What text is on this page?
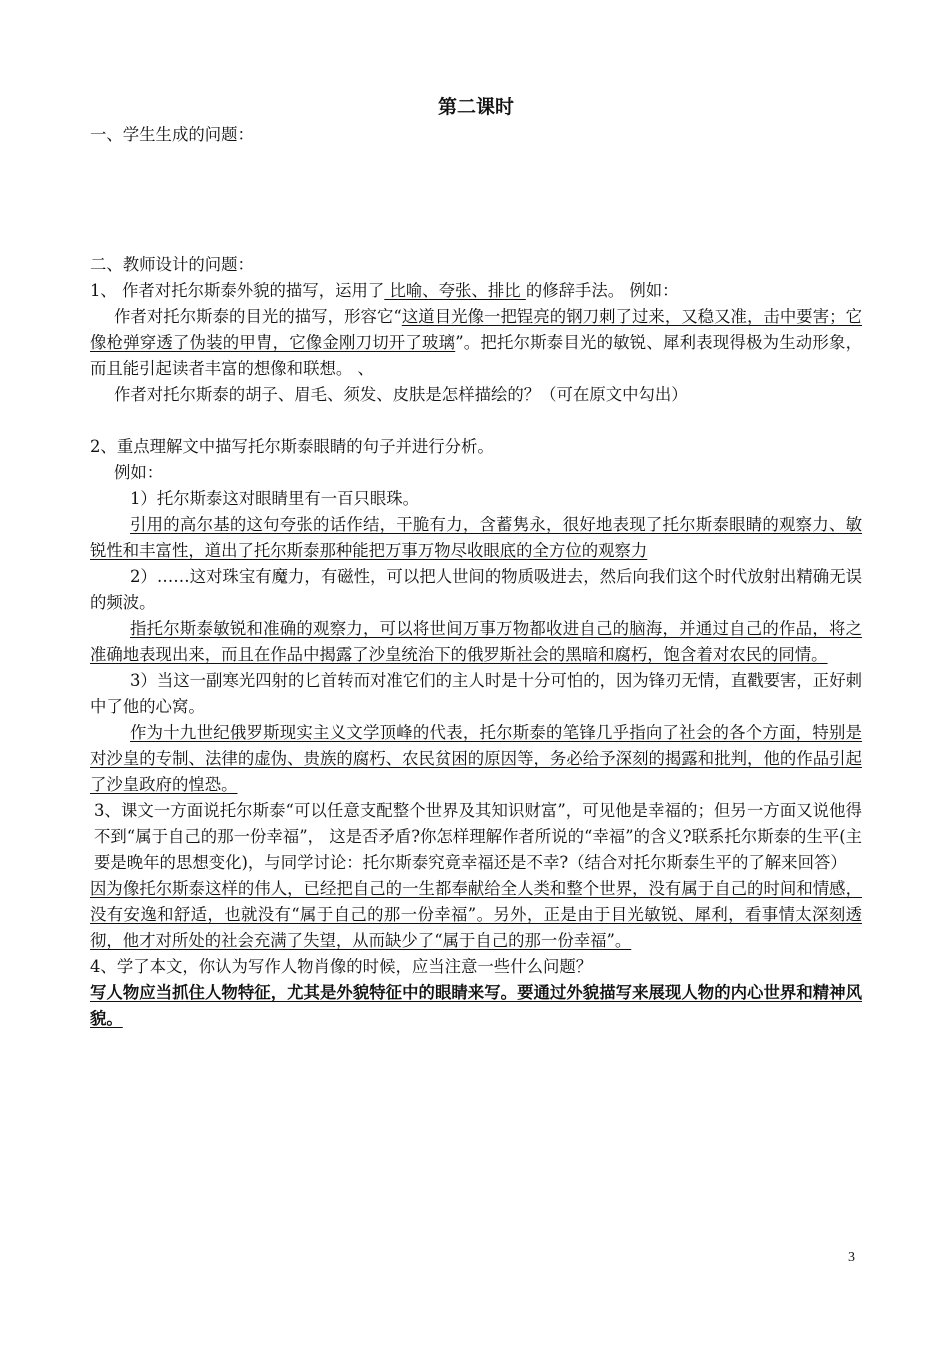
第二课时

一、学生生成的问题：

二、教师设计的问题：

1、 作者对托尔斯泰外貌的描写，运用了 比喻、夸张、排比 的修辞手法。 例如：

作者对托尔斯泰的目光的描写，形容它“这道目光像一把锃亮的钢刀刺了过来，又稳又准，击中要害；它像枪弹穿透了伪装的甲胄，它像金刚刀切开了玻璃”。把托尔斯泰目光的敏锐、犀利表现得极为生动形象，而且能引起读者丰富的想像和联想。 、

作者对托尔斯泰的胡子、眉毛、须发、皮肤是怎样描绘的？（可在原文中勾出）

2、重点理解文中描写托尔斯泰眼睛的句子并进行分析。

例如：

1）托尔斯泰这对眼睛里有一百只眼珠。

引用的高尔基的这句夸张的话作结，干脆有力，含蓄隽永，很好地表现了托尔斯泰眼睛的观察力、敏锐性和丰富性，道出了托尔斯泰那种能把万事万物尽收眼底的全方位的观察力

2）……这对珠宝有魔力，有磁性，可以把人世间的物质吸进去，然后向我们这个时代放射出精确无误的频波。

指托尔斯泰敏锐和准确的观察力，可以将世间万事万物都收进自己的脑海，并通过自己的作品，将之准确地表现出来，而且在作品中揭露了沙皇统治下的俄罗斯社会的黑暗和腐朽，饱含着对农民的同情。

3）当这一副寒光四射的匕首转而对准它们的主人时是十分可怕的，因为锋刃无情，直戳要害，正好刺中了他的心窝。

作为十九世纪俄罗斯现实主义文学顶峰的代表，托尔斯泰的笔锋几乎指向了社会的各个方面，特别是对沙皇的专制、法律的虚伪、贵族的腐朽、农民贫困的原因等，务必给予深刻的揭露和批判，他的作品引起了沙皇政府的惶恐。

3、课文一方面说托尔斯泰“可以任意支配整个世界及其知识财富”，可见他是幸福的；但另一方面又说他得不到“属于自己的那一份幸福”， 这是否矛盾?你怎样理解作者所说的“幸福”的含义?联系托尔斯泰的生平(主要是晚年的思想变化)，与同学讨论：托尔斯泰究竟幸福还是不幸?（结合对托尔斯泰生平的了解来回答）

因为像托尔斯泰这样的伟人，已经把自己的一生都奉献给全人类和整个世界，没有属于自己的时间和情感，没有安逸和舒适，也就没有“属于自己的那一份幸福”。另外，正是由于目光敏锐、犀利，看事情太深刻透彻，他才对所处的社会充满了失望，从而缺少了“属于自己的那一份幸福”。

4、学了本文，你认为写作人物肖像的时候，应当注意一些什么问题？

写人物应当抓住人物特征，尤其是外貌特征中的眼睛来写。要通过外貌描写来展现人物的内心世界和精神风貌。

3
